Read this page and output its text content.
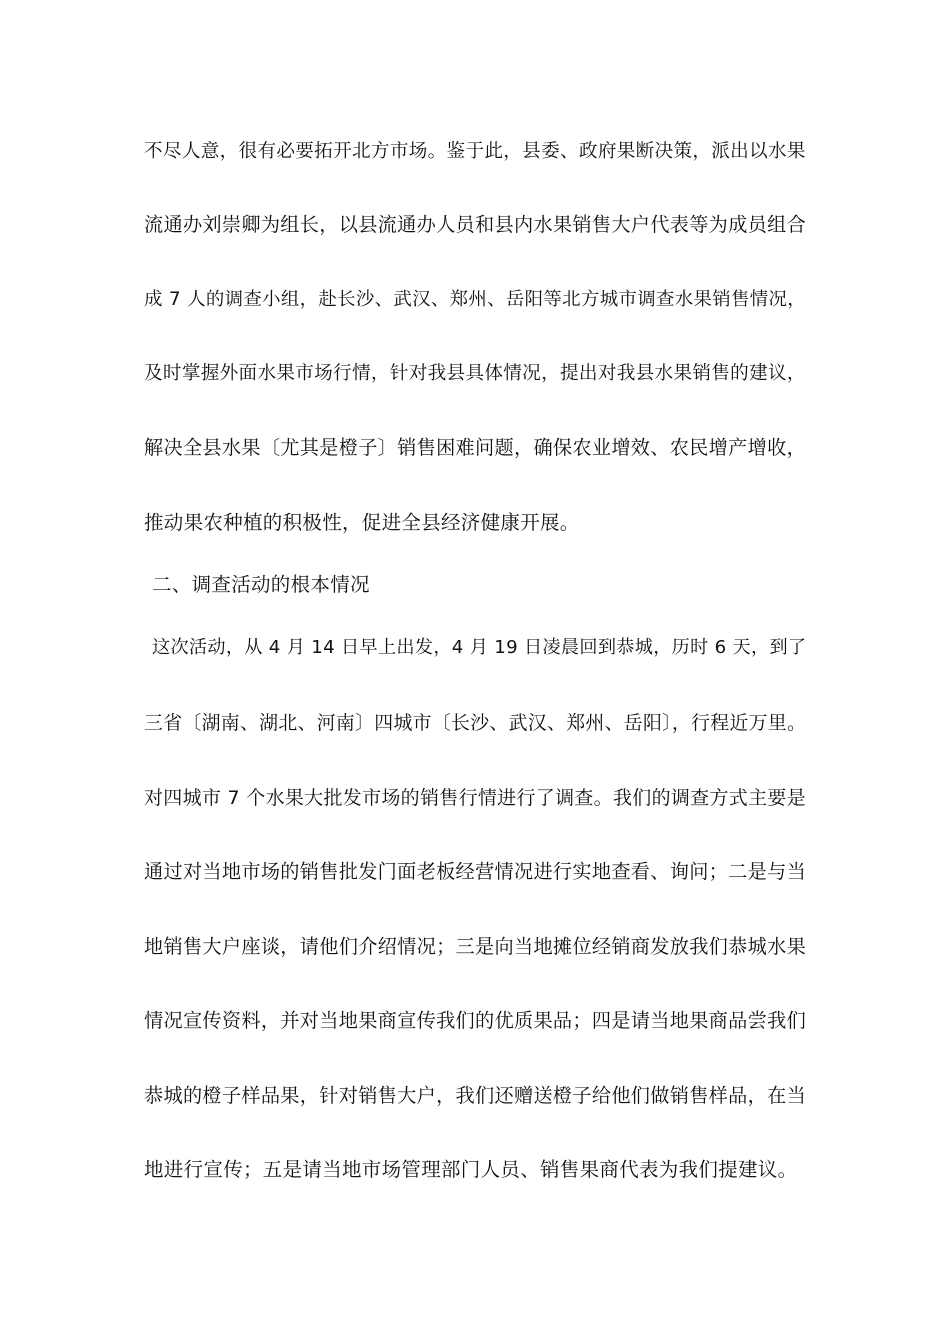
不尽人意，很有必要拓开北方市场。鉴于此，县委、政府果断决策，派出以水果
流通办刘崇卿为组长，以县流通办人员和县内水果销售大户代表等为成员组合
成 7 人的调查小组，赴长沙、武汉、郑州、岳阳等北方城市调查水果销售情况，
及时掌握外面水果市场行情，针对我县具体情况，提出对我县水果销售的建议，
解决全县水果〔尤其是橙子〕销售困难问题，确保农业增效、农民增产增收，
推动果农种植的积极性，促进全县经济健康开展。
二、调查活动的根本情况
这次活动，从 4 月 14 日早上出发，4 月 19 日凌晨回到恭城，历时 6 天，到了
三省〔湖南、湖北、河南〕四城市〔长沙、武汉、郑州、岳阳〕，行程近万里。
对四城市 7 个水果大批发市场的销售行情进行了调查。我们的调查方式主要是
通过对当地市场的销售批发门面老板经营情况进行实地查看、询问；二是与当
地销售大户座谈，请他们介绍情况；三是向当地摊位经销商发放我们恭城水果
情况宣传资料，并对当地果商宣传我们的优质果品；四是请当地果商品尝我们
恭城的橙子样品果，针对销售大户，我们还赠送橙子给他们做销售样品，在当
地进行宣传；五是请当地市场管理部门人员、销售果商代表为我们提建议。
